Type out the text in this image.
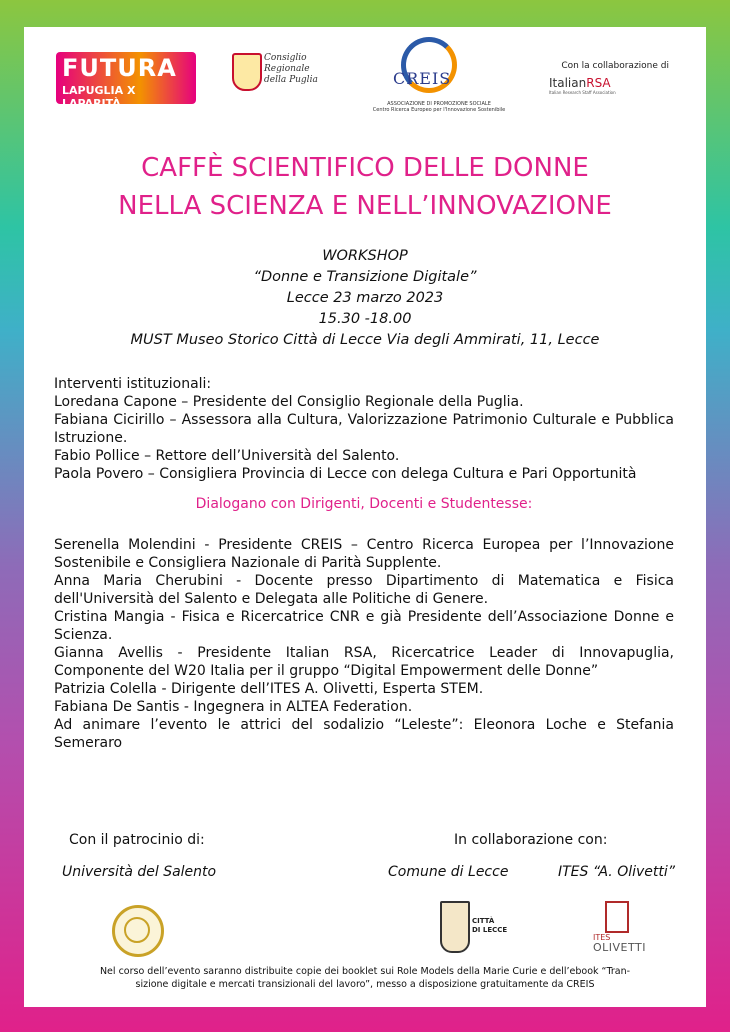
FUTURA
LAPUGLIA X LAPARITÀ
Consiglio
Regionale
della Puglia	CREIS
ASSOCIAZIONE DI PROMOZIONE SOCIALE
Centro Ricerca Europeo per l'Innovazione Sostenibile
Con la collaborazione di
ItalianRSA
Italian Research Staff Association
CAFFÈ SCIENTIFICO DELLE DONNE
NELLA SCIENZA E NELL’INNOVAZIONE
WORKSHOP
“Donne e Transizione Digitale”
Lecce 23 marzo 2023
15.30 -18.00
MUST Museo Storico Città di Lecce Via degli Ammirati, 11, Lecce

Interventi istituzionali:

Loredana Capone – Presidente del Consiglio Regionale della Puglia.

Fabiana Cicirillo – Assessora alla Cultura, Valorizzazione Patrimonio Culturale e Pubblica Istruzione.

Fabio Pollice – Rettore dell’Università del Salento.

Paola Povero – Consigliera Provincia di Lecce con delega Cultura e Pari Opportunità

Dialogano con Dirigenti, Docenti e Studentesse:

Serenella Molendini - Presidente CREIS – Centro Ricerca Europea per l’Innovazione Sostenibile e Consigliera Nazionale di Parità Supplente.

Anna Maria Cherubini - Docente presso Dipartimento di Matematica e Fisica dell'Università del Salento e Delegata alle Politiche di Genere.

Cristina Mangia - Fisica e Ricercatrice CNR e già Presidente dell’Associazione Donne e Scienza.

Gianna Avellis - Presidente Italian RSA, Ricercatrice Leader di Innovapuglia, Componente del W20 Italia per il gruppo “Digital Empowerment delle Donne”

Patrizia Colella - Dirigente dell’ITES A. Olivetti, Esperta STEM.

Fabiana De Santis - Ingegnera in ALTEA Federation.

Ad animare l’evento le attrici del sodalizio “Leleste”: Eleonora Loche e Stefania Semeraro

Con il patrocinio di:	In collaborazione con:
Università del Salento	Comune di Lecce	ITES “A. Olivetti”
CITTÀ
DI LECCE
ITES
OLIVETTI
Nel corso dell’evento saranno distribuite copie dei booklet sui Role Models della Marie Curie e dell’ebook “Tran-
sizione digitale e mercati transizionali del lavoro”, messo a disposizione gratuitamente da CREIS
